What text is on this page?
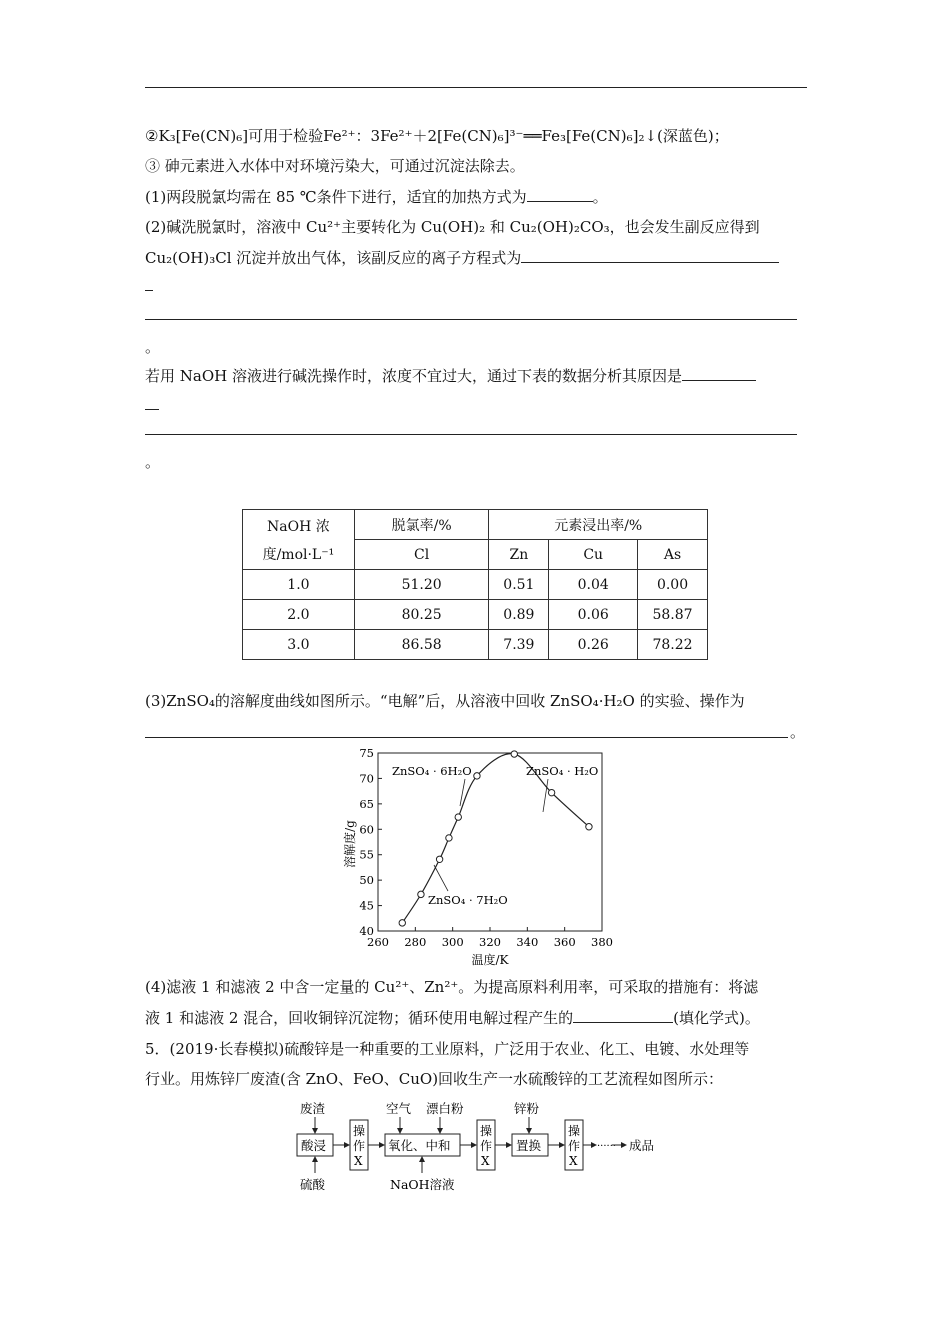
②K₃[Fe(CN)₆]可用于检验Fe²⁺：3Fe²⁺＋2[Fe(CN)₆]³⁻══Fe₃[Fe(CN)₆]₂↓(深蓝色)；
③ 砷元素进入水体中对环境污染大，可通过沉淀法除去。
(1)两段脱氯均需在 85 ℃条件下进行，适宜的加热方式为	。
(2)碱洗脱氯时，溶液中 Cu²⁺主要转化为 Cu(OH)₂ 和 Cu₂(OH)₂CO₃，也会发生副反应得到
Cu₂(OH)₃Cl 沉淀并放出气体，该副反应的离子方程式为
。
若用 NaOH 溶液进行碱洗操作时，浓度不宜过大，通过下表的数据分析其原因是
。
NaOH 浓
度/mol·L⁻¹	脱氯率/%	元素浸出率/%		
	Cl	Zn	Cu	As
1.0	51.20	0.51	0.04	0.00
2.0	80.25	0.89	0.06	58.87
3.0	86.58	7.39	0.26	78.22
(3)ZnSO₄的溶解度曲线如图所示。“电解”后，从溶液中回收 ZnSO₄·H₂O 的实验、操作为
。
40
45
50
55
60
65
70
75
260 280 300 320 340 360 380
ZnSO₄ · 6H₂O	ZnSO₄ · H₂O
ZnSO₄ · 7H₂O
溶解度/g
温度/K
(4)滤液 1 和滤液 2 中含一定量的 Cu²⁺、Zn²⁺。为提高原料利用率，可采取的措施有：将滤
液 1 和滤液 2 混合，回收铜锌沉淀物；循环使用电解过程产生的	(填化学式)。
5．(2019·长春模拟)硫酸锌是一种重要的工业原料，广泛用于农业、化工、电镀、水处理等
行业。用炼锌厂废渣(含 ZnO、FeO、CuO)回收生产一水硫酸锌的工艺流程如图所示：
废渣
酸浸
硫酸
操
作
X
空气 漂白粉
氧化、中和
NaOH溶液
操
作
X
锌粉
置换
操
作
X
······ 成品
